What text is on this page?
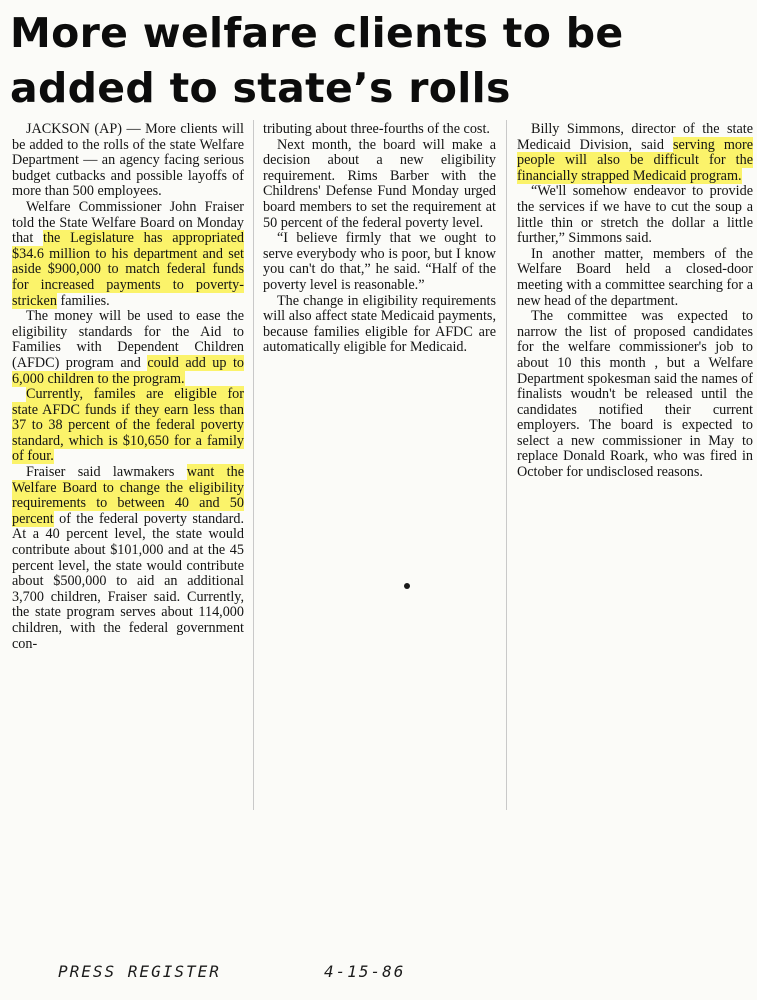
More welfare clients to be
added to state’s rolls

JACKSON (AP) — More clients will be added to the rolls of the state Welfare Department — an agency facing serious budget cutbacks and possible layoffs of more than 500 employees.

Welfare Commissioner John Fraiser told the State Welfare Board on Monday that the Legislature has appropriated $34.6 million to his department and set aside $900,000 to match federal funds for increased payments to poverty-stricken families.

The money will be used to ease the eligibility standards for the Aid to Families with Dependent Children (AFDC) program and could add up to 6,000 children to the program.

Currently, familes are eligible for state AFDC funds if they earn less than 37 to 38 percent of the federal poverty standard, which is $10,650 for a family of four.

Fraiser said lawmakers want the Welfare Board to change the eligibility requirements to between 40 and 50 percent of the federal poverty standard. At a 40 percent level, the state would contribute about $101,000 and at the 45 percent level, the state would contribute about $500,000 to aid an additional 3,700 children, Fraiser said. Currently, the state program serves about 114,000 children, with the federal government con-

tributing about three-fourths of the cost.

Next month, the board will make a decision about a new eligibility requirement. Rims Barber with the Childrens' Defense Fund Monday urged board members to set the requirement at 50 percent of the federal poverty level.

“I believe firmly that we ought to serve everybody who is poor, but I know you can't do that,” he said. “Half of the poverty level is reasonable.”

The change in eligibility requirements will also affect state Medicaid payments, because families eligible for AFDC are automatically eligible for Medicaid.

Billy Simmons, director of the state Medicaid Division, said serving more people will also be difficult for the financially strapped Medicaid program.

“We'll somehow endeavor to provide the services if we have to cut the soup a little thin or stretch the dollar a little further,” Simmons said.

In another matter, members of the Welfare Board held a closed-door meeting with a committee searching for a new head of the department.

The committee was expected to narrow the list of proposed candidates for the welfare commissioner's job to about 10 this month , but a Welfare Department spokesman said the names of finalists woudn't be released until the candidates notified their current employers. The board is expected to select a new commissioner in May to replace Donald Roark, who was fired in October for undisclosed reasons.

PRESS REGISTER	4-15-86
